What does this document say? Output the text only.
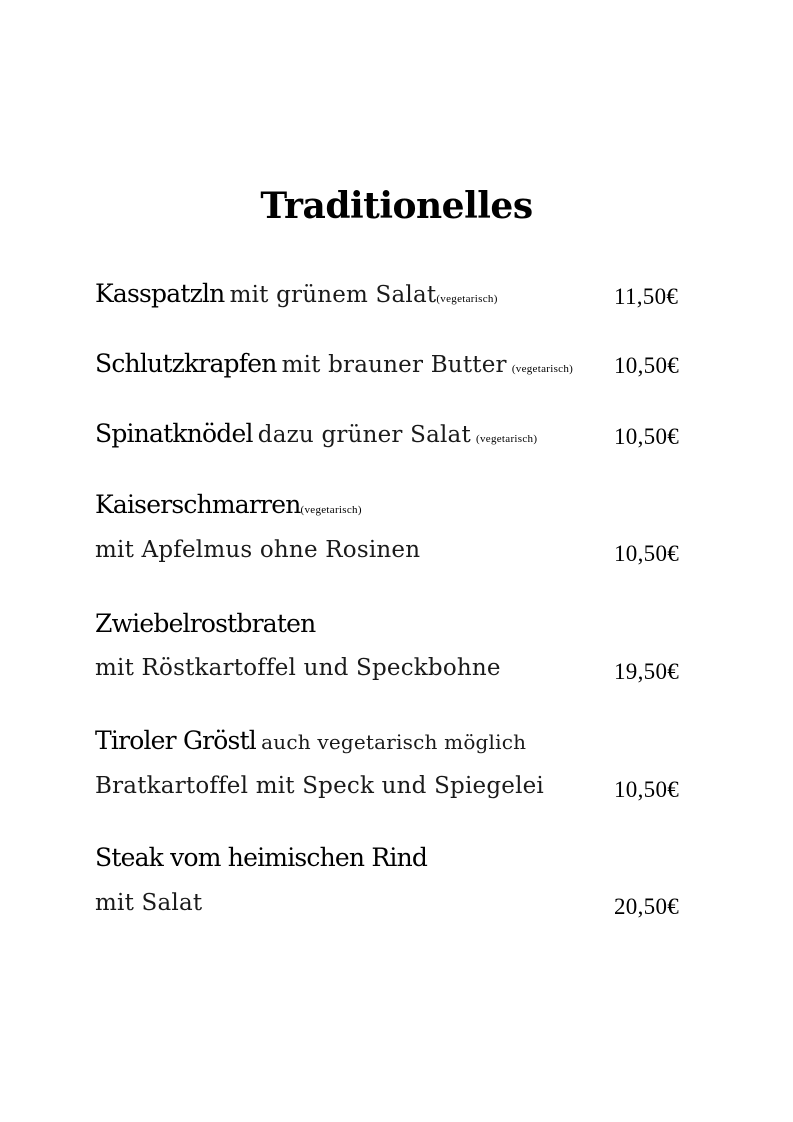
Traditionelles
Kasspatzln mit grünem Salat(vegetarisch)	11,50€
Schlutzkrapfen mit brauner Butter (vegetarisch)	10,50€
Spinatknödel dazu grüner Salat (vegetarisch)	10,50€
Kaiserschmarren(vegetarisch)
mit Apfelmus ohne Rosinen	10,50€
Zwiebelrostbraten
mit Röstkartoffel und Speckbohne	19,50€
Tiroler Gröstl auch vegetarisch möglich
Bratkartoffel mit Speck und Spiegelei	10,50€
Steak vom heimischen Rind
mit Salat	20,50€
